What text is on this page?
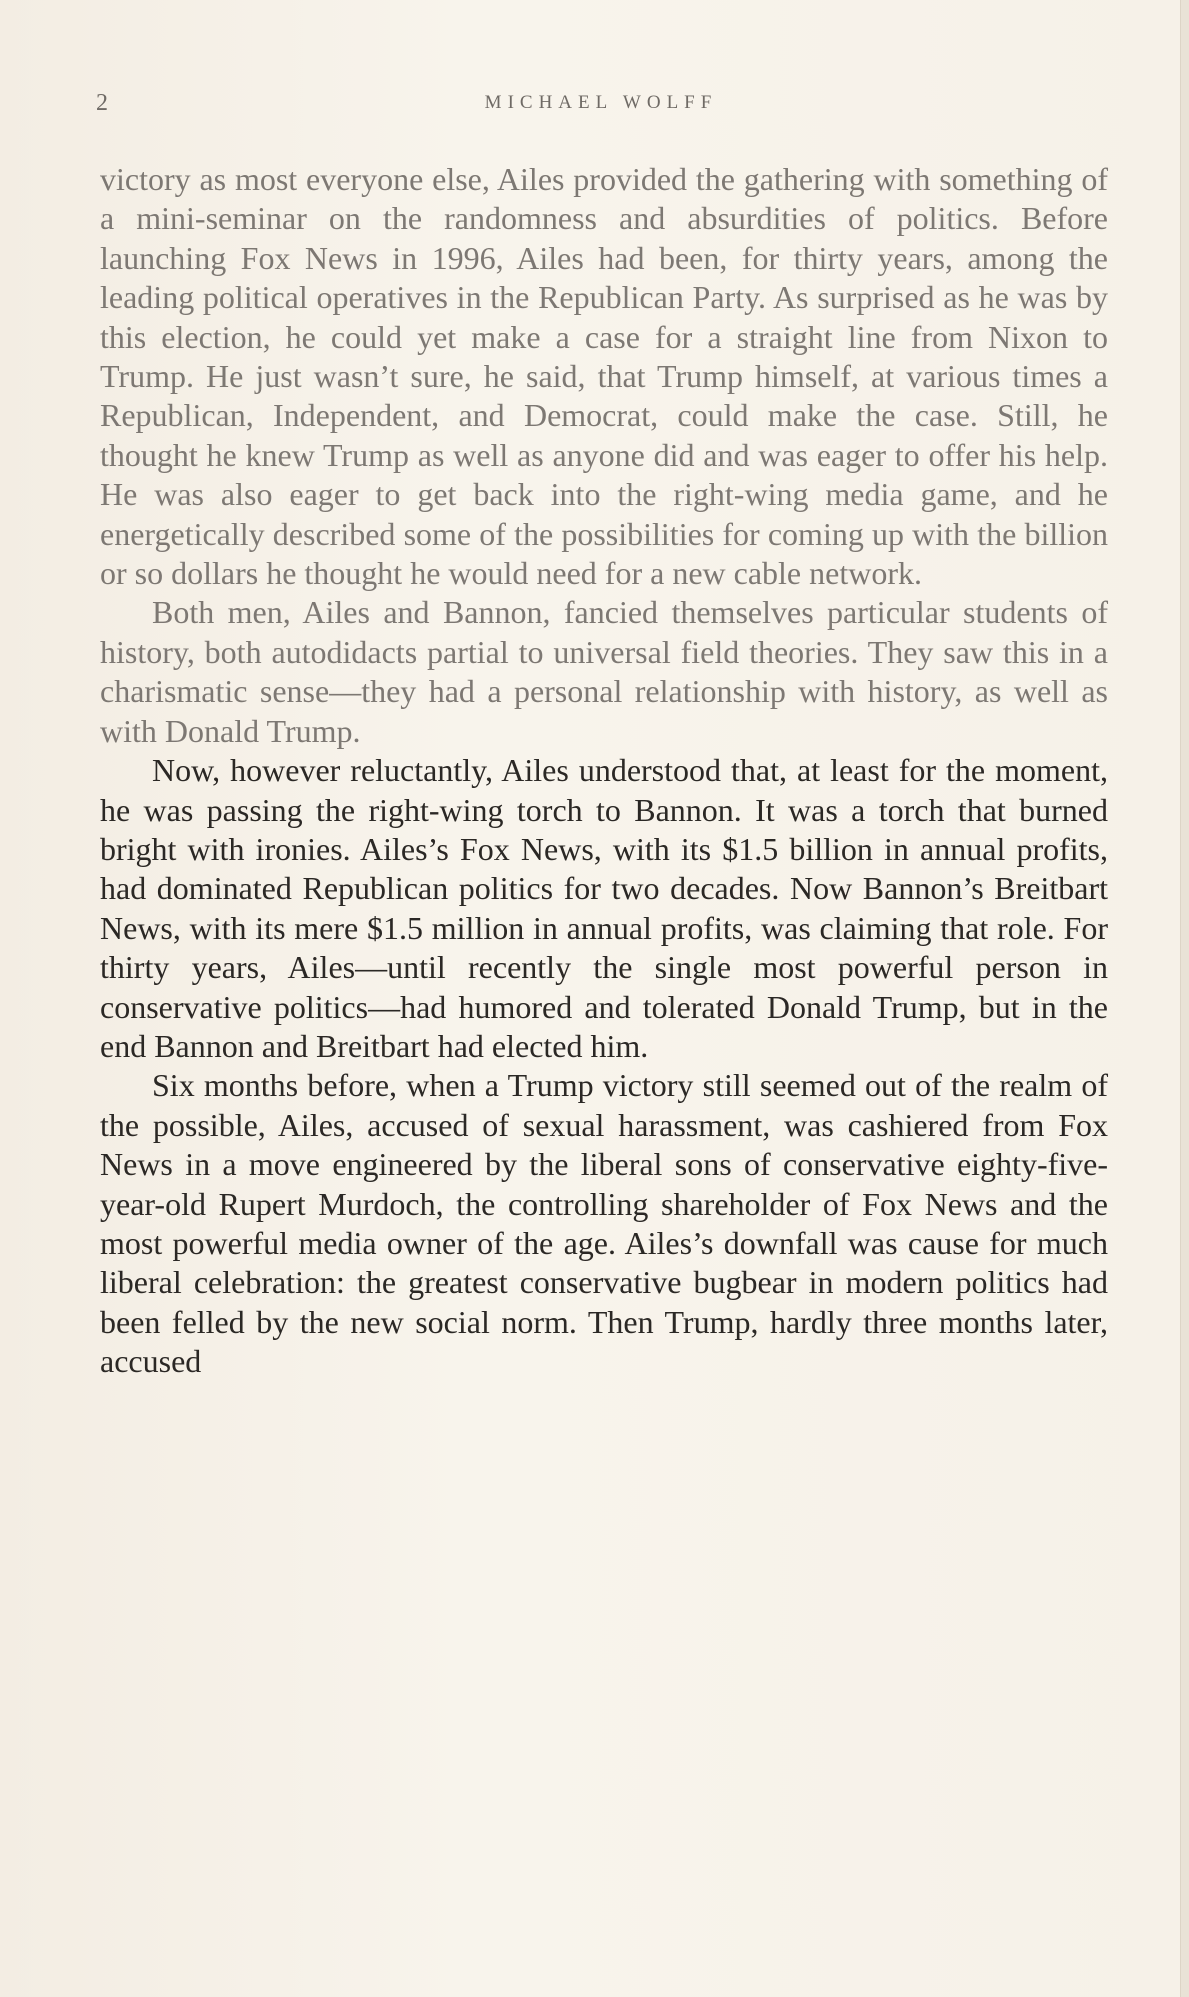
2	MICHAEL WOLFF

victory as most everyone else, Ailes provided the gathering with something of a mini-seminar on the randomness and absurdities of politics. Before launching Fox News in 1996, Ailes had been, for thirty years, among the leading political operatives in the Republican Party. As surprised as he was by this election, he could yet make a case for a straight line from Nixon to Trump. He just wasn’t sure, he said, that Trump himself, at various times a Republican, Independent, and Democrat, could make the case. Still, he thought he knew Trump as well as anyone did and was eager to offer his help. He was also eager to get back into the right-wing media game, and he energetically described some of the possibilities for coming up with the billion or so dollars he thought he would need for a new cable network.

Both men, Ailes and Bannon, fancied themselves particular students of history, both autodidacts partial to universal field theories. They saw this in a charismatic sense—they had a personal relationship with history, as well as with Donald Trump.

Now, however reluctantly, Ailes understood that, at least for the moment, he was passing the right-wing torch to Bannon. It was a torch that burned bright with ironies. Ailes’s Fox News, with its $1.5 billion in annual profits, had dominated Republican politics for two decades. Now Bannon’s Breitbart News, with its mere $1.5 million in annual profits, was claiming that role. For thirty years, Ailes—until recently the single most powerful person in conservative politics—had humored and tolerated Donald Trump, but in the end Bannon and Breitbart had elected him.

Six months before, when a Trump victory still seemed out of the realm of the possible, Ailes, accused of sexual harassment, was cashiered from Fox News in a move engineered by the liberal sons of conservative eighty-five-year-old Rupert Murdoch, the controlling shareholder of Fox News and the most powerful media owner of the age. Ailes’s downfall was cause for much liberal celebration: the greatest conservative bugbear in modern politics had been felled by the new social norm. Then Trump, hardly three months later, accused
